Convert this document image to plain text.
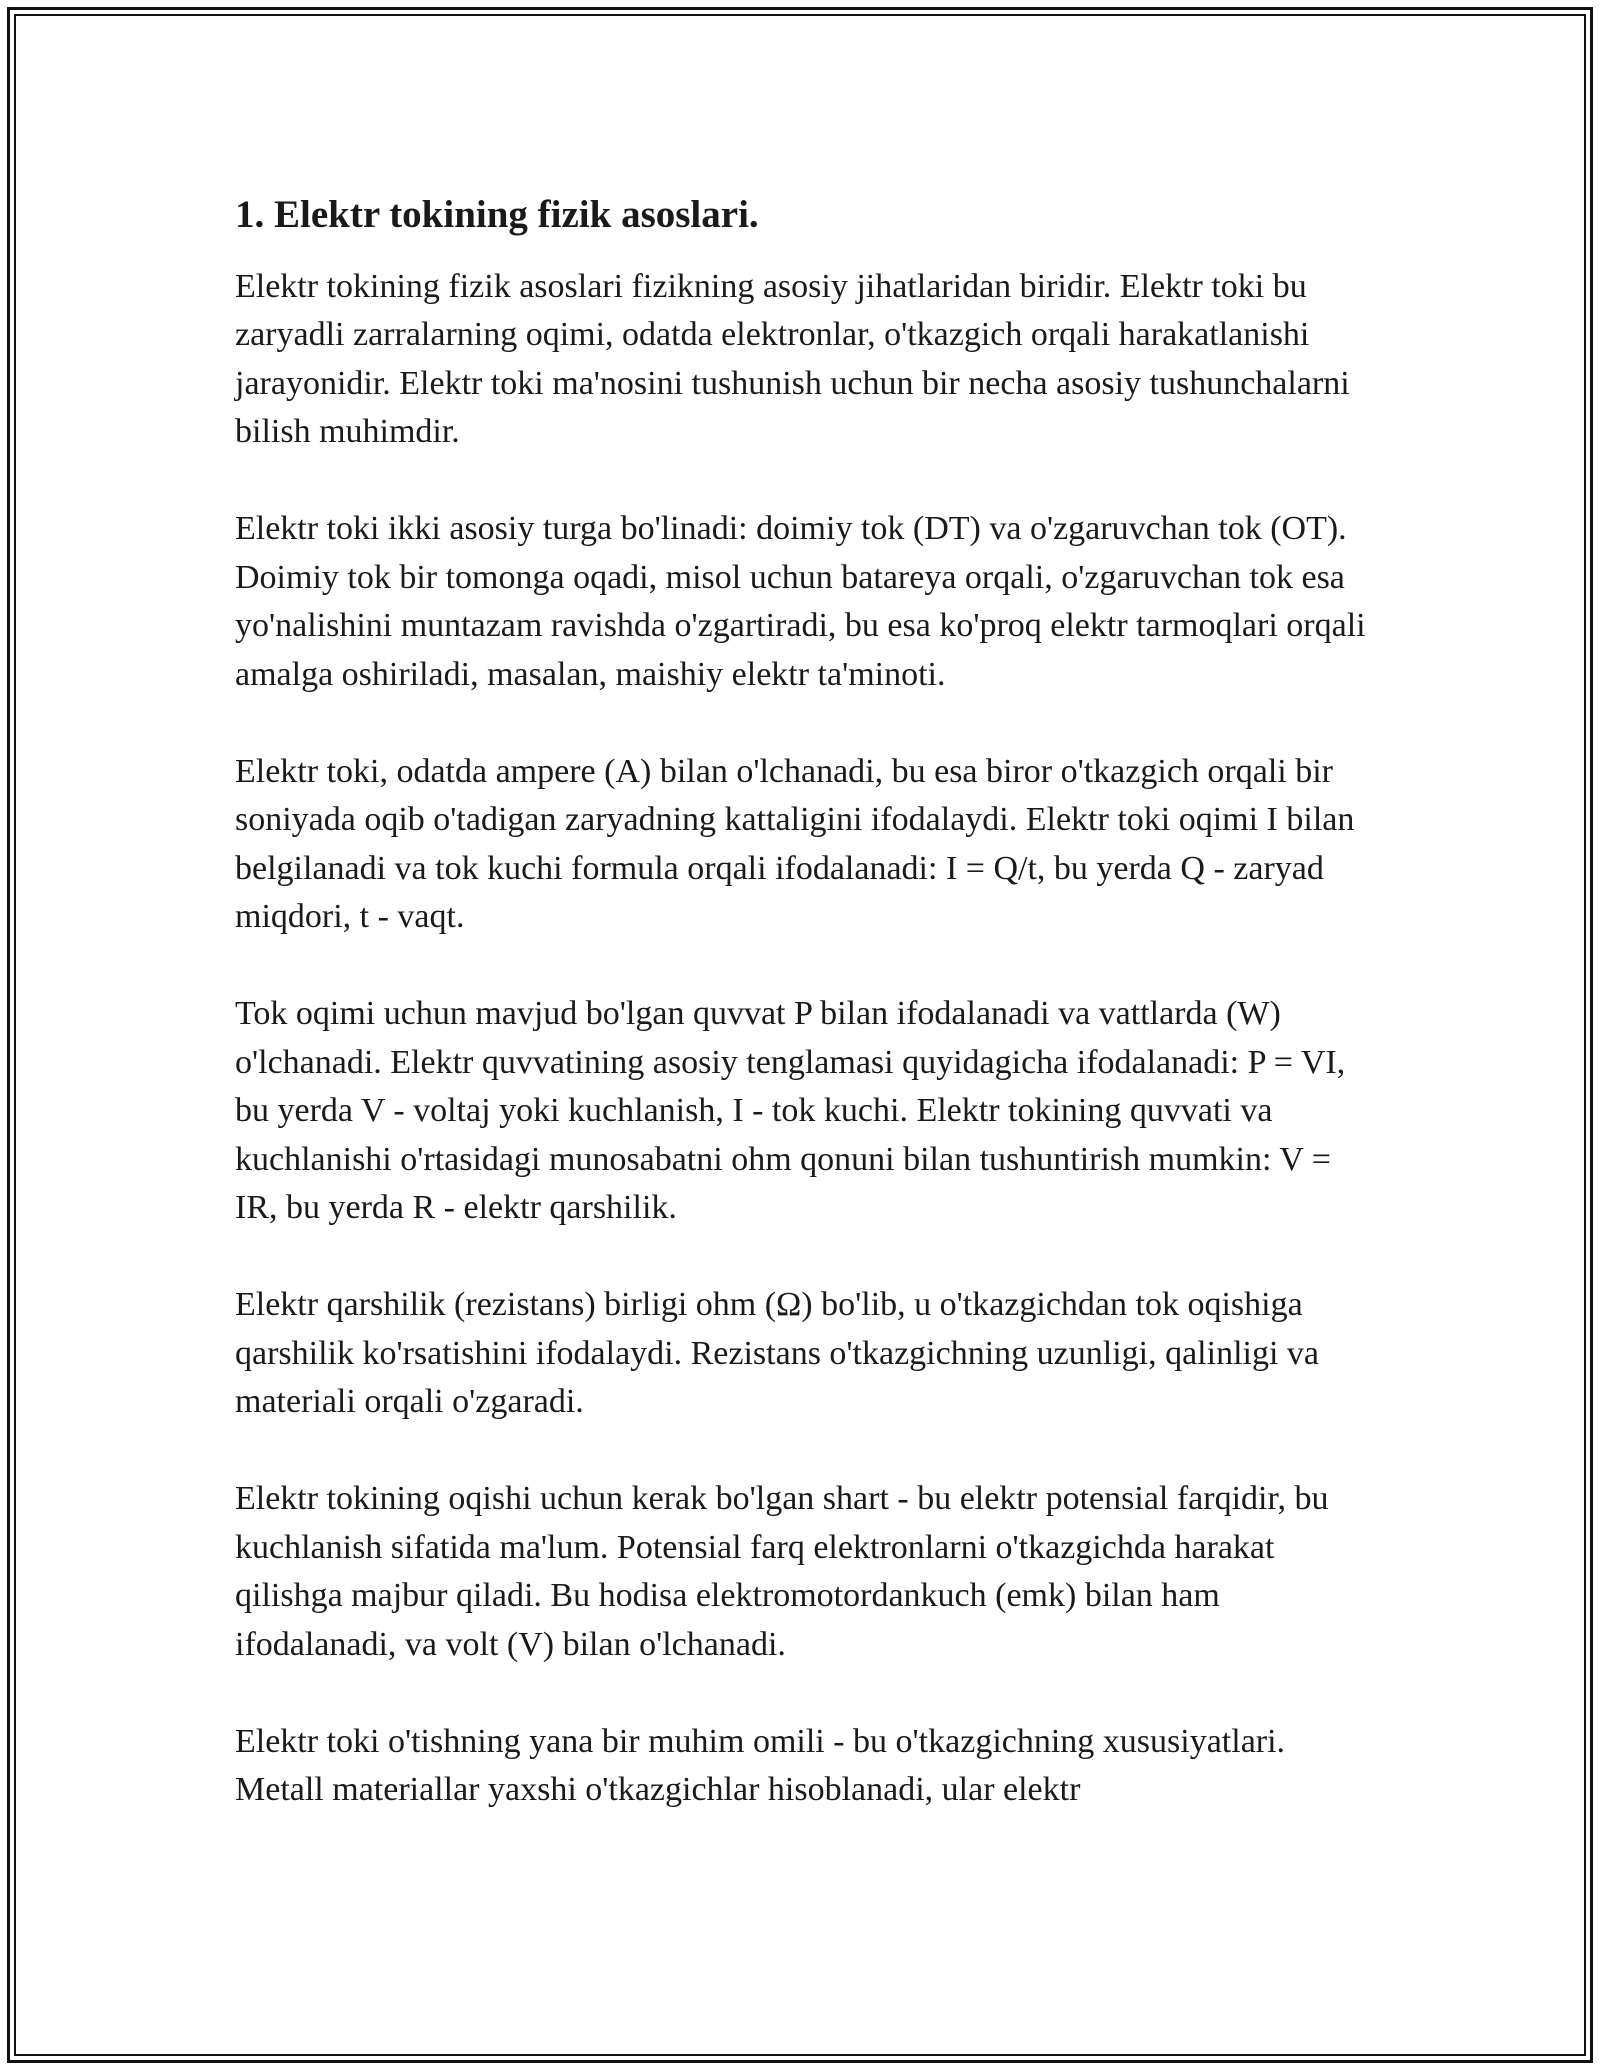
1. Elektr tokining fizik asoslari.

Elektr tokining fizik asoslari fizikning asosiy jihatlaridan biridir. Elektr toki bu zaryadli zarralarning oqimi, odatda elektronlar, o'tkazgich orqali harakatlanishi jarayonidir. Elektr toki ma'nosini tushunish uchun bir necha asosiy tushunchalarni bilish muhimdir.

Elektr toki ikki asosiy turga bo'linadi: doimiy tok (DT) va o'zgaruvchan tok (OT). Doimiy tok bir tomonga oqadi, misol uchun batareya orqali, o'zgaruvchan tok esa yo'nalishini muntazam ravishda o'zgartiradi, bu esa ko'proq elektr tarmoqlari orqali amalga oshiriladi, masalan, maishiy elektr ta'minoti.

Elektr toki, odatda ampere (A) bilan o'lchanadi, bu esa biror o'tkazgich orqali bir soniyada oqib o'tadigan zaryadning kattaligini ifodalaydi. Elektr toki oqimi I bilan belgilanadi va tok kuchi formula orqali ifodalanadi: I = Q/t, bu yerda Q - zaryad miqdori, t - vaqt.

Tok oqimi uchun mavjud bo'lgan quvvat P bilan ifodalanadi va vattlarda (W) o'lchanadi. Elektr quvvatining asosiy tenglamasi quyidagicha ifodalanadi: P = VI, bu yerda V - voltaj yoki kuchlanish, I - tok kuchi. Elektr tokining quvvati va kuchlanishi o'rtasidagi munosabatni ohm qonuni bilan tushuntirish mumkin: V = IR, bu yerda R - elektr qarshilik.

Elektr qarshilik (rezistans) birligi ohm (Ω) bo'lib, u o'tkazgichdan tok oqishiga qarshilik ko'rsatishini ifodalaydi. Rezistans o'tkazgichning uzunligi, qalinligi va materiali orqali o'zgaradi.

Elektr tokining oqishi uchun kerak bo'lgan shart - bu elektr potensial farqidir, bu kuchlanish sifatida ma'lum. Potensial farq elektronlarni o'tkazgichda harakat qilishga majbur qiladi. Bu hodisa elektromotordankuch (emk) bilan ham ifodalanadi, va volt (V) bilan o'lchanadi.

Elektr toki o'tishning yana bir muhim omili - bu o'tkazgichning xususiyatlari. Metall materiallar yaxshi o'tkazgichlar hisoblanadi, ular elektr
